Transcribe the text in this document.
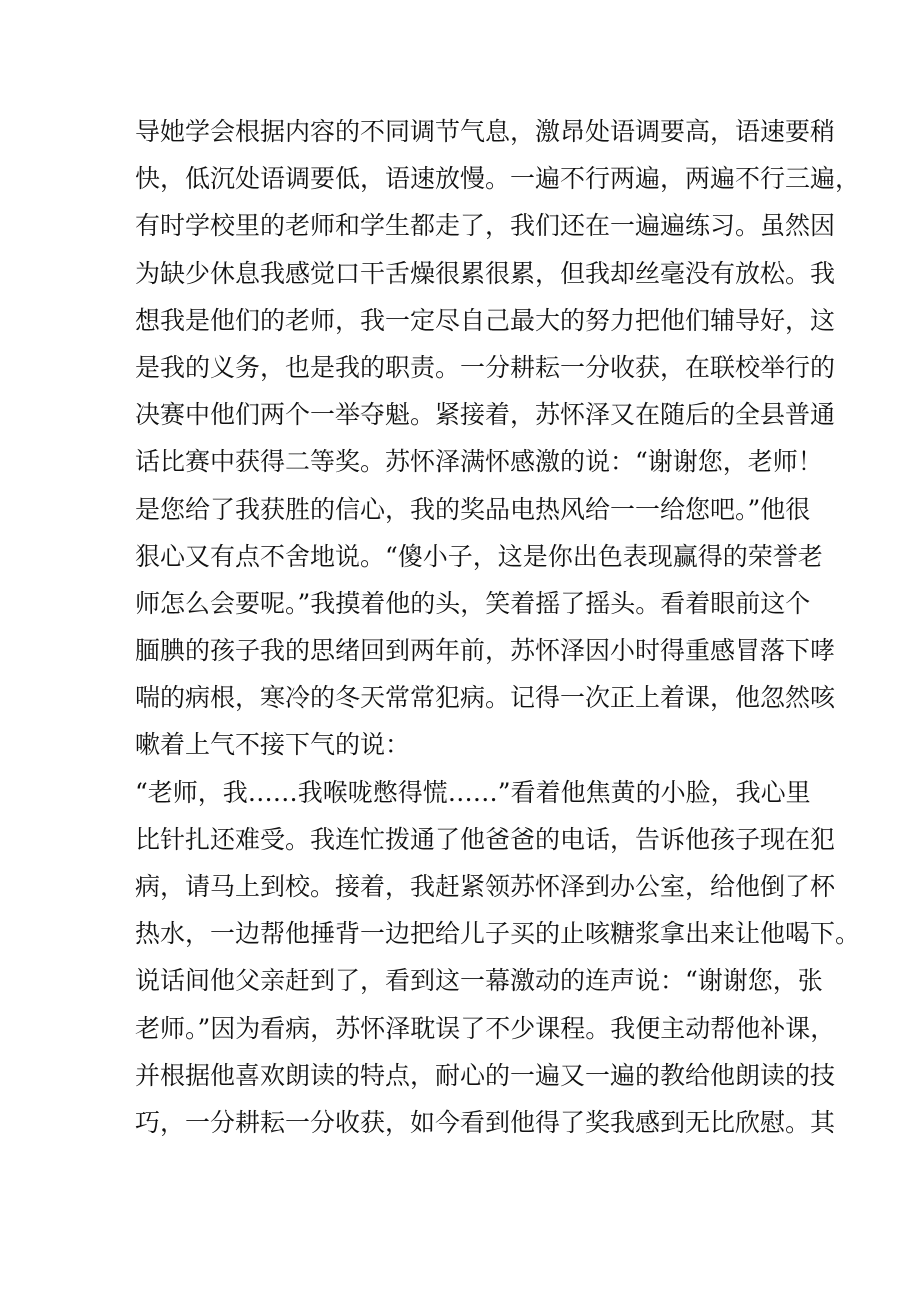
导她学会根据内容的不同调节气息，激昂处语调要高，语速要稍
快，低沉处语调要低，语速放慢。一遍不行两遍，两遍不行三遍，
有时学校里的老师和学生都走了，我们还在一遍遍练习。虽然因
为缺少休息我感觉口干舌燥很累很累，但我却丝毫没有放松。我
想我是他们的老师，我一定尽自己最大的努力把他们辅导好，这
是我的义务，也是我的职责。一分耕耘一分收获，在联校举行的
决赛中他们两个一举夺魁。紧接着，苏怀泽又在随后的全县普通
话比赛中获得二等奖。苏怀泽满怀感激的说：“谢谢您，老师！
是您给了我获胜的信心，我的奖品电热风给一一给您吧。”他很
狠心又有点不舍地说。“傻小子，这是你出色表现赢得的荣誉老
师怎么会要呢。”我摸着他的头，笑着摇了摇头。看着眼前这个
腼腆的孩子我的思绪回到两年前，苏怀泽因小时得重感冒落下哮
喘的病根，寒冷的冬天常常犯病。记得一次正上着课，他忽然咳
嗽着上气不接下气的说：
“老师，我……我喉咙憋得慌……”看着他焦黄的小脸，我心里
比针扎还难受。我连忙拨通了他爸爸的电话，告诉他孩子现在犯
病，请马上到校。接着，我赶紧领苏怀泽到办公室，给他倒了杯
热水，一边帮他捶背一边把给儿子买的止咳糖浆拿出来让他喝下。
说话间他父亲赶到了，看到这一幕激动的连声说：“谢谢您，张
老师。”因为看病，苏怀泽耽误了不少课程。我便主动帮他补课，
并根据他喜欢朗读的特点，耐心的一遍又一遍的教给他朗读的技
巧，一分耕耘一分收获，如今看到他得了奖我感到无比欣慰。其
